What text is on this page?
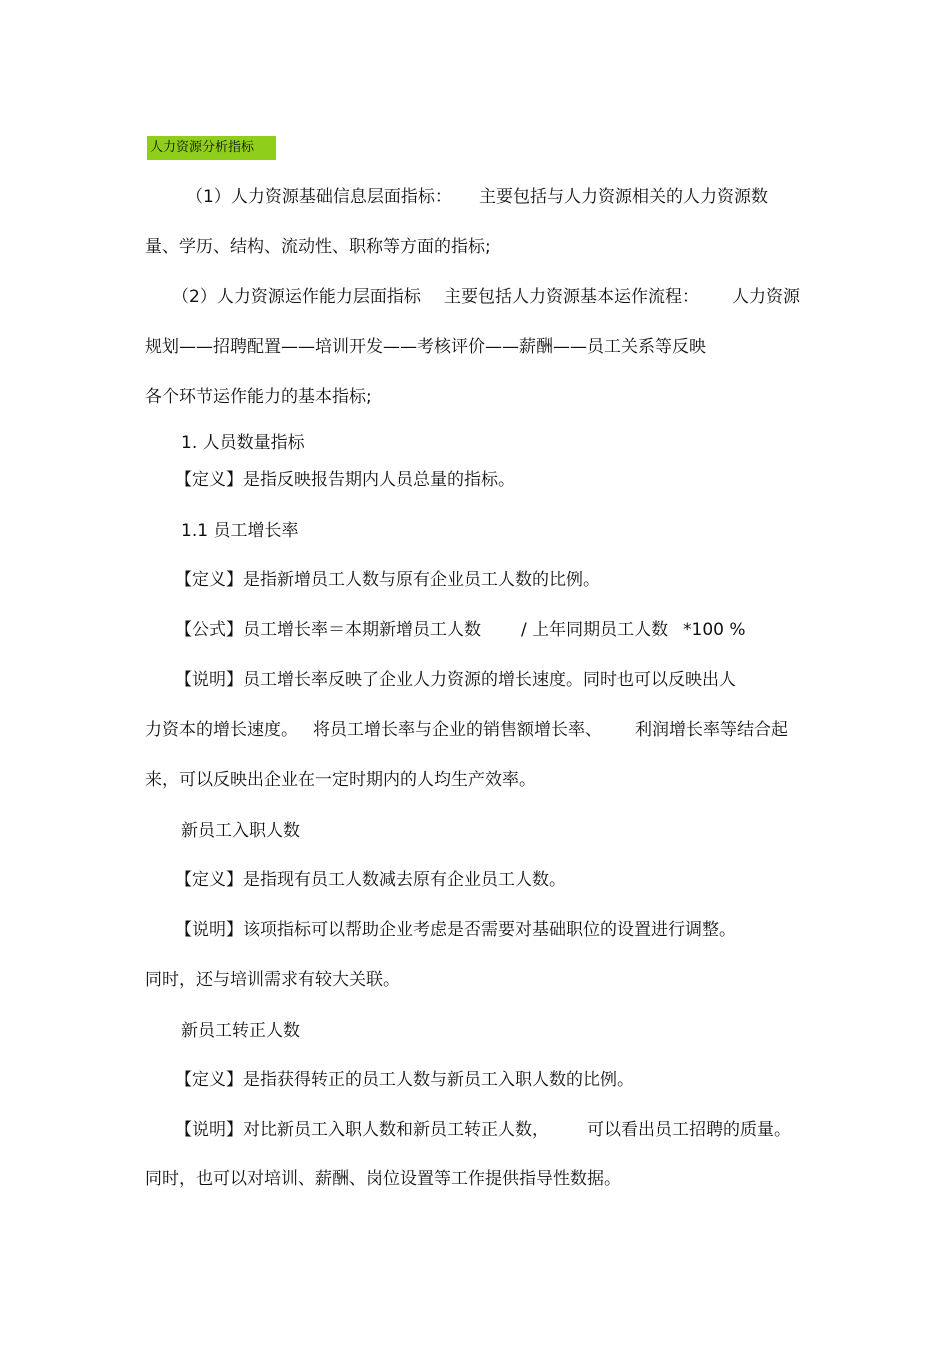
人力资源分析指标
（1）人力资源基础信息层面指标： 主要包括与人力资源相关的人力资源数
量、学历、结构、流动性、职称等方面的指标;
（2）人力资源运作能力层面指标 主要包括人力资源基本运作流程： 人力资源
规划——招聘配置——培训开发——考核评价——薪酬——员工关系等反映
各个环节运作能力的基本指标;
1. 人员数量指标
【定义】是指反映报告期内人员总量的指标。
1.1 员工增长率
【定义】是指新增员工人数与原有企业员工人数的比例。
【公式】员工增长率＝本期新增员工人数 / 上年同期员工人数 *100 %
【说明】员工增长率反映了企业人力资源的增长速度。同时也可以反映出人
力资本的增长速度。 将员工增长率与企业的销售额增长率、 利润增长率等结合起
来，可以反映出企业在一定时期内的人均生产效率。
新员工入职人数
【定义】是指现有员工人数减去原有企业员工人数。
【说明】该项指标可以帮助企业考虑是否需要对基础职位的设置进行调整。
同时，还与培训需求有较大关联。
新员工转正人数
【定义】是指获得转正的员工人数与新员工入职人数的比例。
【说明】对比新员工入职人数和新员工转正人数， 可以看出员工招聘的质量。
同时，也可以对培训、薪酬、岗位设置等工作提供指导性数据。
